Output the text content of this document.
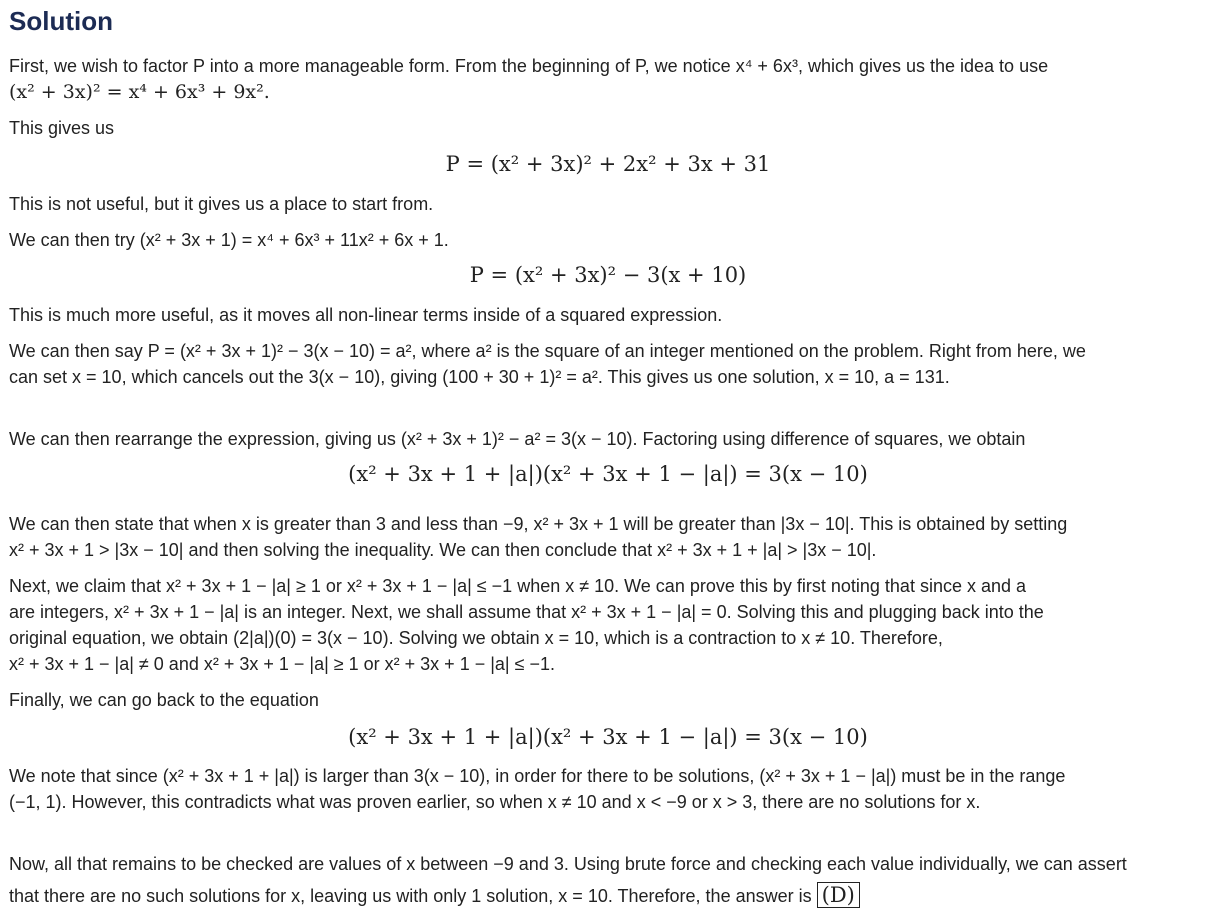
Solution
First, we wish to factor P into a more manageable form. From the beginning of P, we notice x⁴ + 6x³, which gives us the idea to use
(x² + 3x)² = x⁴ + 6x³ + 9x².
This gives us
P = (x² + 3x)² + 2x² + 3x + 31
This is not useful, but it gives us a place to start from.
We can then try (x² + 3x + 1) = x⁴ + 6x³ + 11x² + 6x + 1.
P = (x² + 3x)² − 3(x + 10)
This is much more useful, as it moves all non-linear terms inside of a squared expression.
We can then say P = (x² + 3x + 1)² − 3(x − 10) = a², where a² is the square of an integer mentioned on the problem. Right from here, we
can set x = 10, which cancels out the 3(x − 10), giving (100 + 30 + 1)² = a². This gives us one solution, x = 10, a = 131.
We can then rearrange the expression, giving us (x² + 3x + 1)² − a² = 3(x − 10). Factoring using difference of squares, we obtain
(x² + 3x + 1 + |a|)(x² + 3x + 1 − |a|) = 3(x − 10)
We can then state that when x is greater than 3 and less than −9, x² + 3x + 1 will be greater than |3x − 10|. This is obtained by setting
x² + 3x + 1 > |3x − 10| and then solving the inequality. We can then conclude that x² + 3x + 1 + |a| > |3x − 10|.
Next, we claim that x² + 3x + 1 − |a| ≥ 1 or x² + 3x + 1 − |a| ≤ −1 when x ≠ 10. We can prove this by first noting that since x and a
are integers, x² + 3x + 1 − |a| is an integer. Next, we shall assume that x² + 3x + 1 − |a| = 0. Solving this and plugging back into the
original equation, we obtain (2|a|)(0) = 3(x − 10). Solving we obtain x = 10, which is a contraction to x ≠ 10. Therefore,
x² + 3x + 1 − |a| ≠ 0 and x² + 3x + 1 − |a| ≥ 1 or x² + 3x + 1 − |a| ≤ −1.
Finally, we can go back to the equation
(x² + 3x + 1 + |a|)(x² + 3x + 1 − |a|) = 3(x − 10)
We note that since (x² + 3x + 1 + |a|) is larger than 3(x − 10), in order for there to be solutions, (x² + 3x + 1 − |a|) must be in the range
(−1, 1). However, this contradicts what was proven earlier, so when x ≠ 10 and x < −9 or x > 3, there are no solutions for x.
Now, all that remains to be checked are values of x between −9 and 3. Using brute force and checking each value individually, we can assert
that there are no such solutions for x, leaving us with only 1 solution, x = 10. Therefore, the answer is (D)
